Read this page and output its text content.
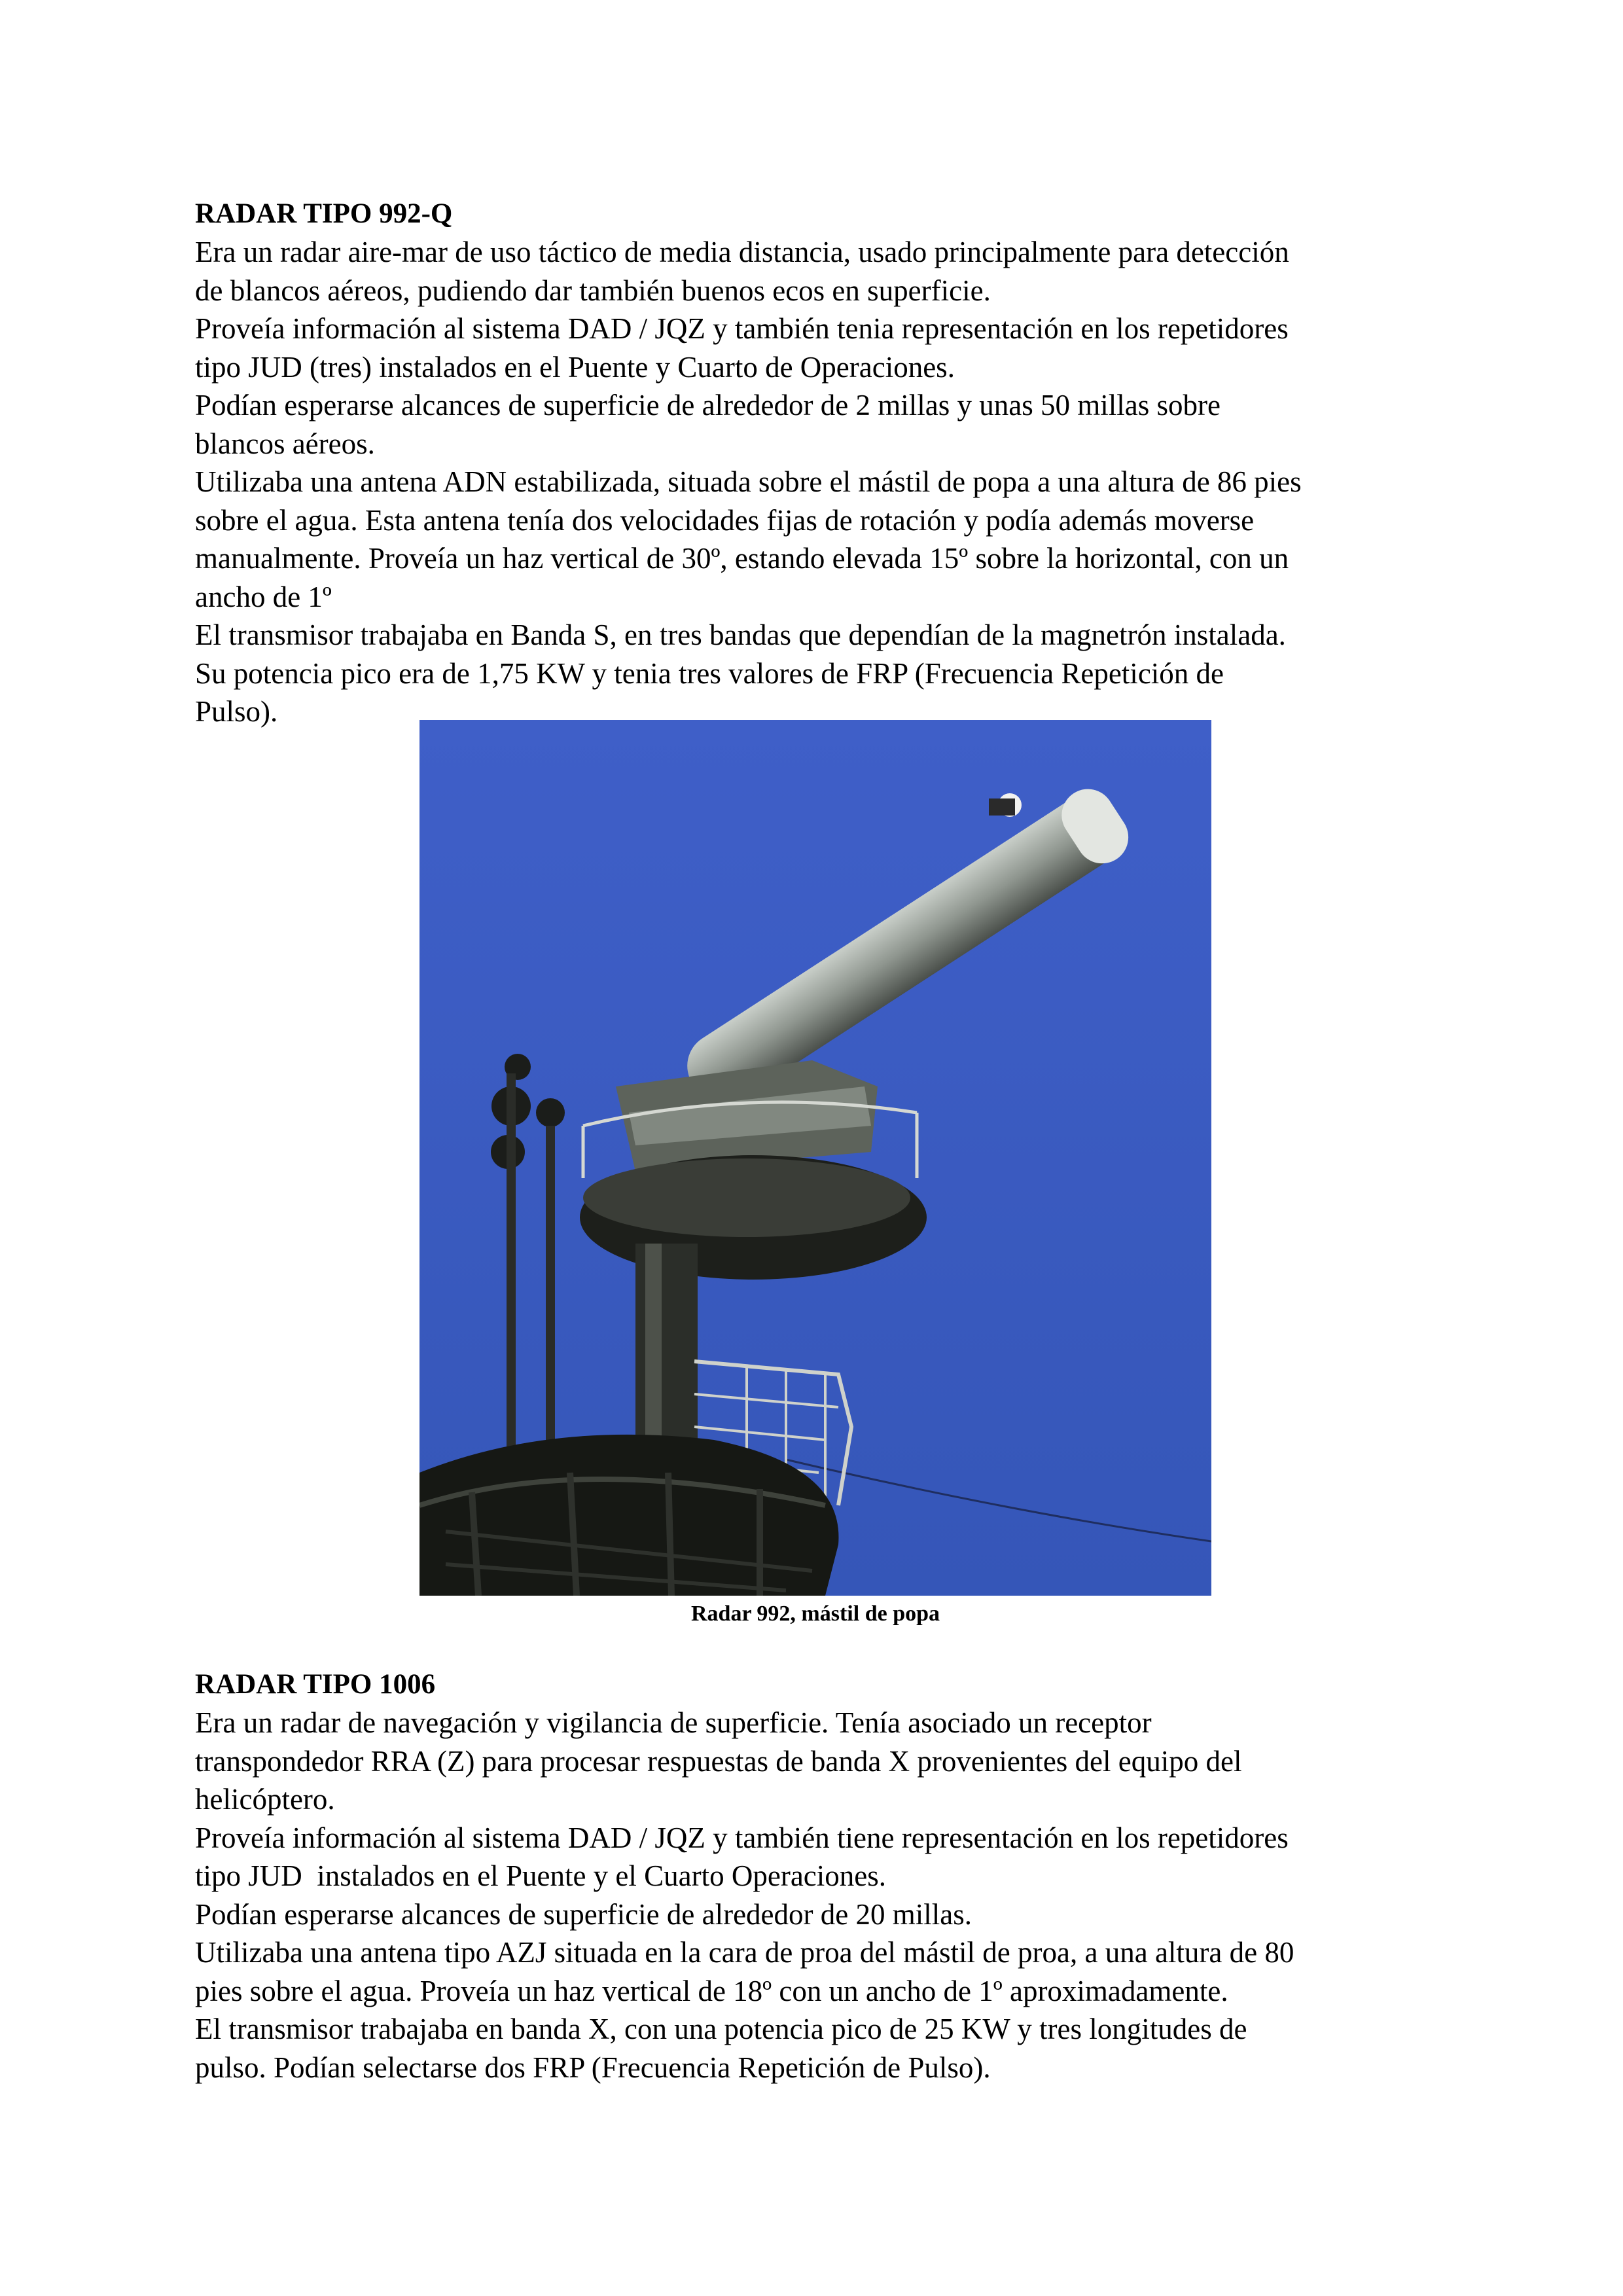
RADAR TIPO 992-Q

Era un radar aire-mar de uso táctico de media distancia, usado principalmente para detección
de blancos aéreos, pudiendo dar también buenos ecos en superficie.

Proveía información al sistema DAD / JQZ y también tenia representación en los repetidores
tipo JUD (tres) instalados en el Puente y Cuarto de Operaciones.

Podían esperarse alcances de superficie de alrededor de 2 millas y unas 50 millas sobre
blancos aéreos.

Utilizaba una antena ADN estabilizada, situada sobre el mástil de popa a una altura de 86 pies
sobre el agua. Esta antena tenía dos velocidades fijas de rotación y podía además moverse
manualmente. Proveía un haz vertical de 30º, estando elevada 15º sobre la horizontal, con un
ancho de 1º

El transmisor trabajaba en Banda S, en tres bandas que dependían de la magnetrón instalada.
Su potencia pico era de 1,75 KW y tenia tres valores de FRP (Frecuencia Repetición de
Pulso).

Radar 992, mástil de popa
RADAR TIPO 1006

Era un radar de navegación y vigilancia de superficie. Tenía asociado un receptor
transpondedor RRA (Z) para procesar respuestas de banda X provenientes del equipo del
helicóptero.

Proveía información al sistema DAD / JQZ y también tiene representación en los repetidores
tipo JUD  instalados en el Puente y el Cuarto Operaciones.

Podían esperarse alcances de superficie de alrededor de 20 millas.

Utilizaba una antena tipo AZJ situada en la cara de proa del mástil de proa, a una altura de 80
pies sobre el agua. Proveía un haz vertical de 18º con un ancho de 1º aproximadamente.

El transmisor trabajaba en banda X, con una potencia pico de 25 KW y tres longitudes de
pulso. Podían selectarse dos FRP (Frecuencia Repetición de Pulso).
